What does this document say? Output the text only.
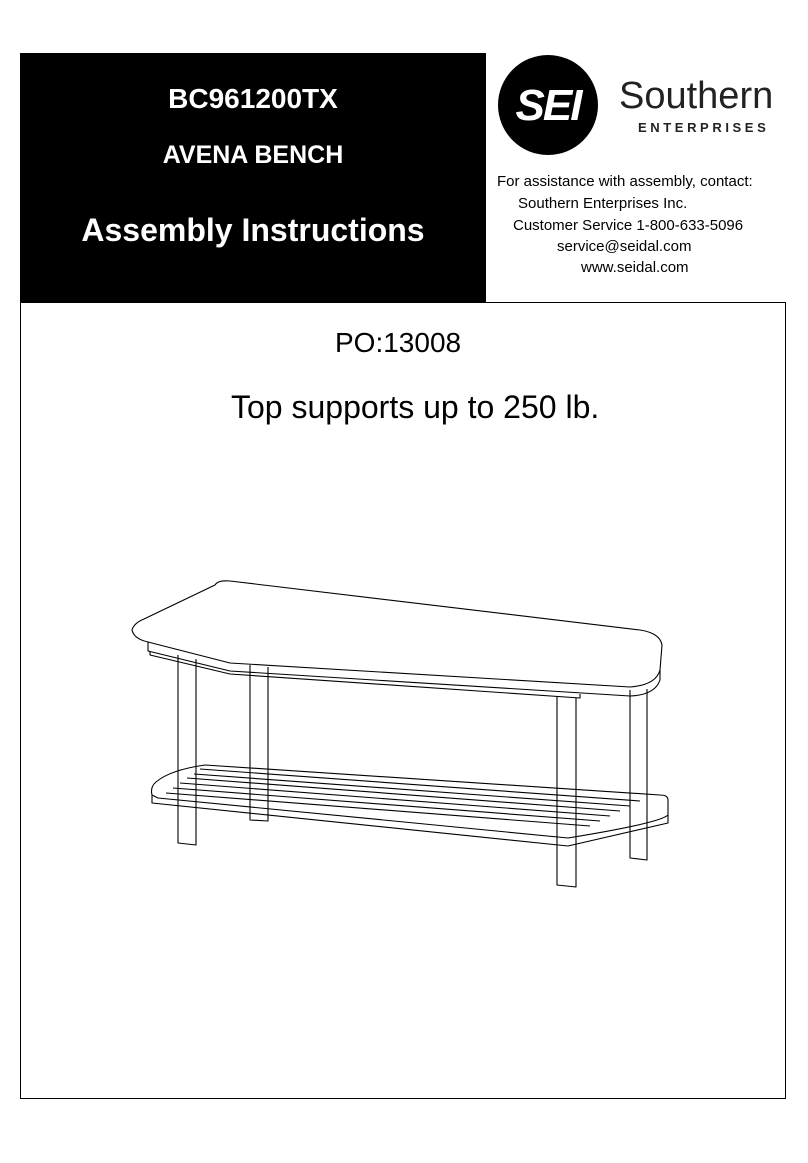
BC961200TX
AVENA BENCH
Assembly Instructions
SEI	Southern
ENTERPRISES
For assistance with assembly, contact:
Southern Enterprises Inc.
Customer Service 1-800-633-5096
service@seidal.com
www.seidal.com
PO:13008
Top supports up to 250 lb.
